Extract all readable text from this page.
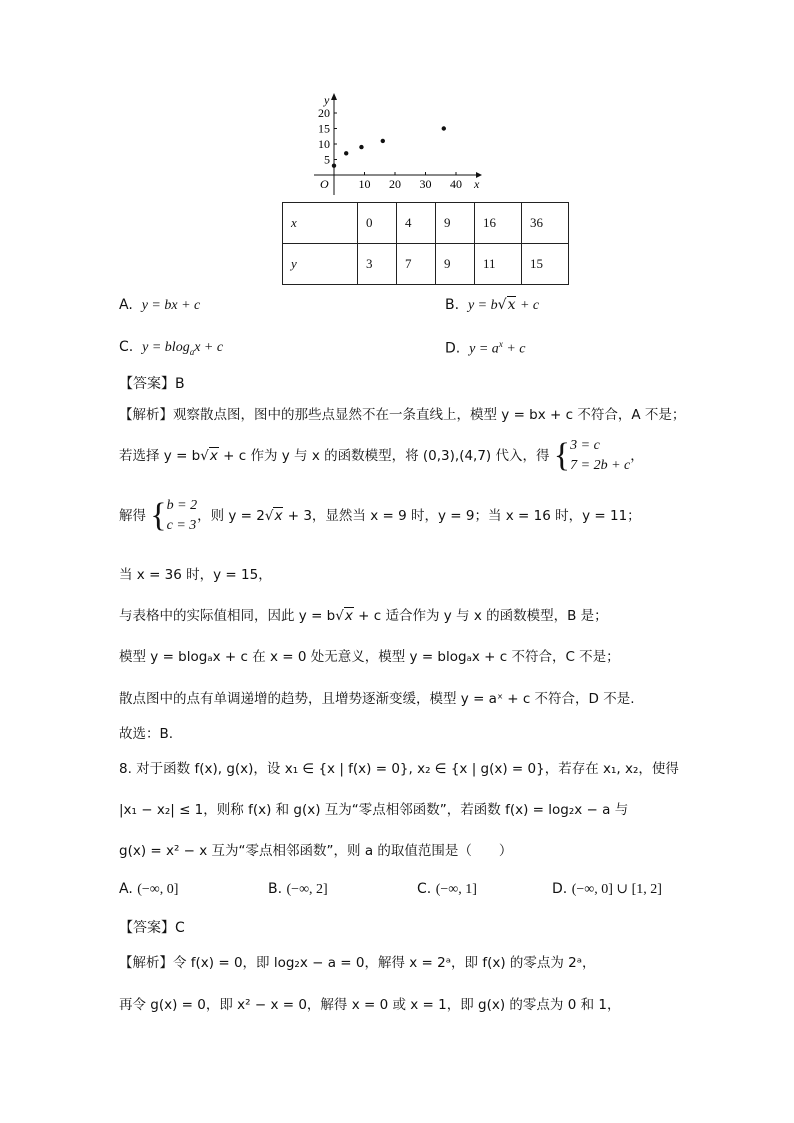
10 20 30 40
5
10
15
20
x
y
O
x	0	4	9	16	36
y	3	7	9	11	15
A. y = bx + c	B. y = b√x + c
C. y = blog$_a$x + c	D. $y = a^x + c$
【答案】B
【解析】观察散点图，图中的那些点显然不在一条直线上，模型 y = bx + c 不符合，A 不是；
若选择 y = b√x + c 作为 y 与 x 的函数模型，将 (0,3),(4,7) 代入，得 {3 = c
7 = 2b + c，
解得 {b = 2
c = 3，则 y = 2√x + 3，显然当 x = 9 时，y = 9；当 x = 16 时，y = 11；
当 x = 36 时，y = 15，
与表格中的实际值相同，因此 y = b√x + c 适合作为 y 与 x 的函数模型，B 是；
模型 y = blogₐx + c 在 x = 0 处无意义，模型 y = blogₐx + c 不符合，C 不是；
散点图中的点有单调递增的趋势，且增势逐渐变缓，模型 y = aˣ + c 不符合，D 不是.
故选：B.
8. 对于函数 f(x), g(x)，设 x₁ ∈ {x | f(x) = 0}, x₂ ∈ {x | g(x) = 0}，若存在 x₁, x₂，使得
|x₁ − x₂| ≤ 1，则称 f(x) 和 g(x) 互为“零点相邻函数”，若函数 f(x) = log₂x − a 与
g(x) = x² − x 互为“零点相邻函数”，则 a 的取值范围是（　　）
A. (−∞, 0]	B. (−∞, 2]	C. (−∞, 1]	D. (−∞, 0] ∪ [1, 2]
【答案】C
【解析】令 f(x) = 0，即 log₂x − a = 0，解得 x = 2ᵃ，即 f(x) 的零点为 2ᵃ，
再令 g(x) = 0，即 x² − x = 0，解得 x = 0 或 x = 1，即 g(x) 的零点为 0 和 1，
